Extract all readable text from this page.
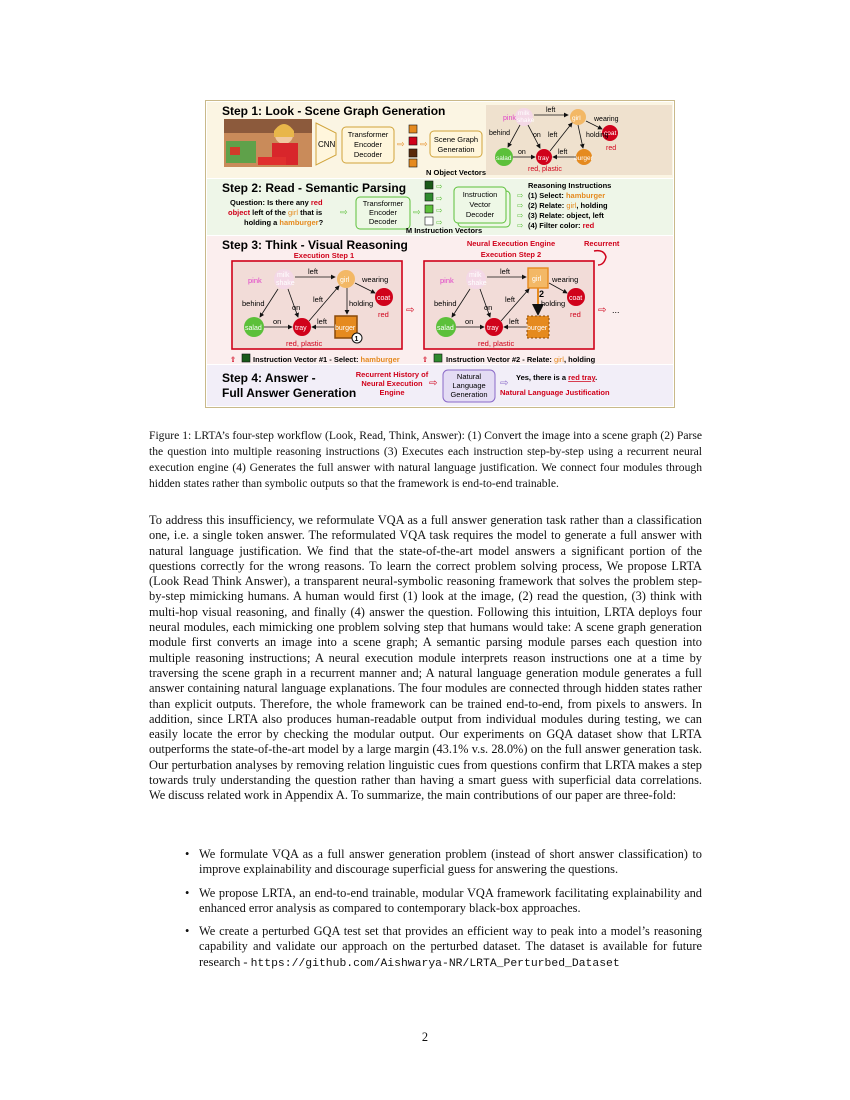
Step 1: Look - Scene Graph Generation
Step 2: Read - Semantic Parsing
Step 3: Think - Visual Reasoning
Step 4: Answer -
Full Answer Generation
CNN
Transformer
Encoder
Decoder
⇨ ⇨ Scene Graph
Generation
N Object Vectors
pink
milk
shake	girl
coat
red
salad	tray	burger
red, plastic
left
wearing
behind	on left	holding
on	left
Question: Is there any red
object left of the girl that is
holding a hamburger?
⇨
Transformer
Encoder
Decoder
⇨
⇨
⇨
⇨
⇨
Instruction
Vector
Decoder
M Instruction Vectors
Reasoning Instructions
⇨ (1) Select: hamburger
⇨ (2) Relate: girl, holding
⇨ (3) Relate: object, left
⇨ (4) Filter color: red
Execution Step 1
Neural Execution Engine
Execution Step 2
Recurrent
pink
milk
shake	girl
coat
red
salad	tray	burger
1
red, plastic
left
wearing
behind	on
left	holding
on	left
⇨
pink
milk
shake
girl
2	coat
red
salad	tray	burger
red, plastic
left
wearing
behind	on
left	holding
on	left
⇨ ...
⇧ Instruction Vector #1 - Select: hamburger	⇧ Instruction Vector #2 - Relate: girl, holding
Recurrent History of
Neural Execution
Engine
⇨
Natural
Language
Generation
⇨
Yes, there is a red tray.
Natural Language Justification
Figure 1: LRTA’s four-step workflow (Look, Read, Think, Answer): (1) Convert the image into a scene graph (2) Parse the question into multiple reasoning instructions (3) Executes each instruction step-by-step using a recurrent neural execution engine (4) Generates the full answer with natural language justification. We connect four modules through hidden states rather than symbolic outputs so that the framework is end-to-end trainable.
To address this insufficiency, we reformulate VQA as a full answer generation task rather than a classification one, i.e. a single token answer. The reformulated VQA task requires the model to generate a full answer with natural language justification. We find that the state-of-the-art model answers a significant portion of the questions correctly for the wrong reasons. To learn the correct problem solving process, We propose LRTA (Look Read Think Answer), a transparent neural-symbolic reasoning framework that solves the problem step-by-step mimicking humans. A human would first (1) look at the image, (2) read the question, (3) think with multi-hop visual reasoning, and finally (4) answer the question. Following this intuition, LRTA deploys four neural modules, each mimicking one problem solving step that humans would take: A scene graph generation module first converts an image into a scene graph; A semantic parsing module parses each question into multiple reasoning instructions; A neural execution module interprets reason instructions one at a time by traversing the scene graph in a recurrent manner and; A natural language generation module generates a full answer containing natural language explanations. The four modules are connected through hidden states rather than explicit outputs. Therefore, the whole framework can be trained end-to-end, from pixels to answers. In addition, since LRTA also produces human-readable output from individual modules during testing, we can easily locate the error by checking the modular output. Our experiments on GQA dataset show that LRTA outperforms the state-of-the-art model by a large margin (43.1% v.s. 28.0%) on the full answer generation task. Our perturbation analyses by removing relation linguistic cues from questions confirm that LRTA makes a step towards truly understanding the question rather than having a smart guess with superficial data correlations. We discuss related work in Appendix A. To summarize, the main contributions of our paper are three-fold:
• We formulate VQA as a full answer generation problem (instead of short answer classification) to improve explainability and discourage superficial guess for answering the questions.
• We propose LRTA, an end-to-end trainable, modular VQA framework facilitating explainability and enhanced error analysis as compared to contemporary black-box approaches.
• We create a perturbed GQA test set that provides an efficient way to peak into a model’s reasoning capability and validate our approach on the perturbed dataset. The dataset is available for future research - https://github.com/Aishwarya-NR/LRTA_Perturbed_Dataset
2
